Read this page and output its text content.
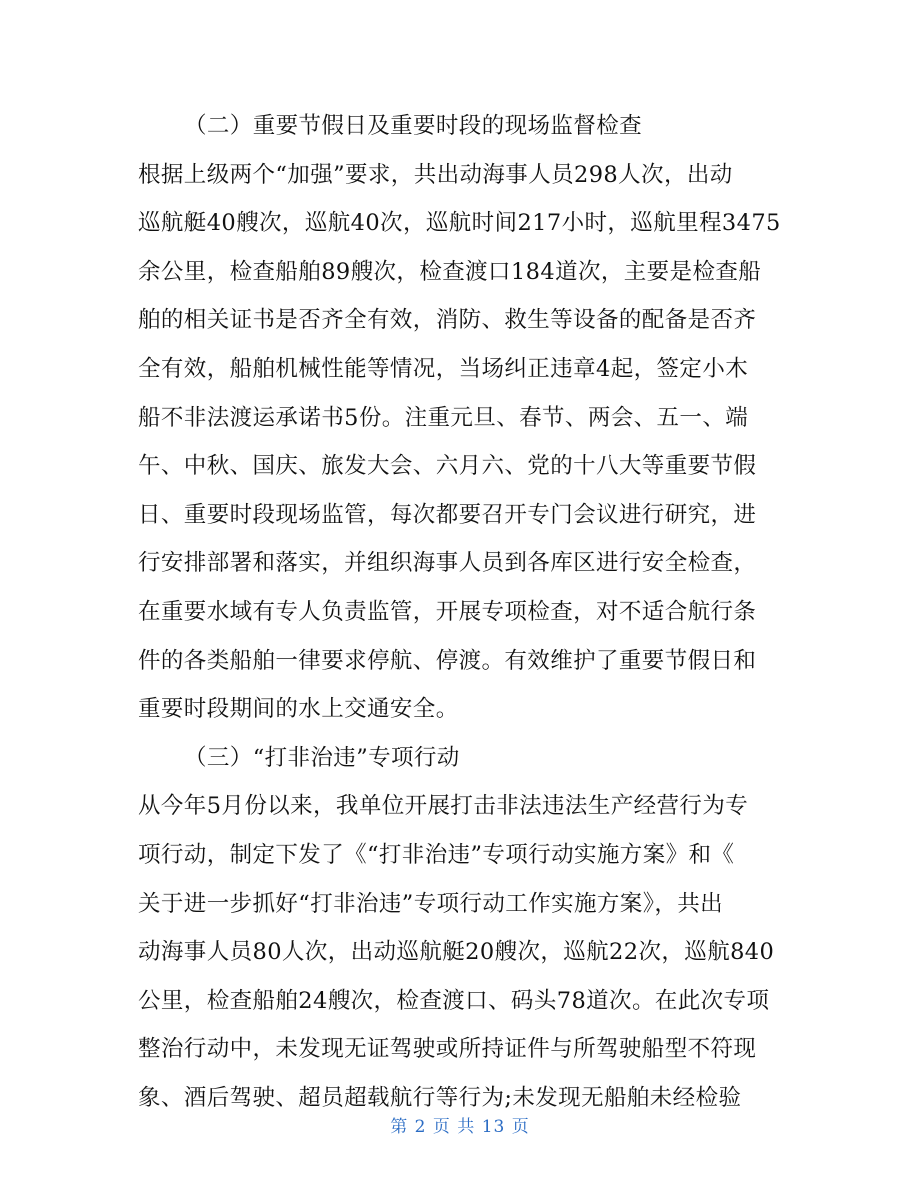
（二）重要节假日及重要时段的现场监督检查
根据上级两个“加强”要求，共出动海事人员298人次，出动
巡航艇40艘次，巡航40次，巡航时间217小时，巡航里程3475
余公里，检查船舶89艘次，检查渡口184道次，主要是检查船
舶的相关证书是否齐全有效，消防、救生等设备的配备是否齐
全有效，船舶机械性能等情况，当场纠正违章4起，签定小木
船不非法渡运承诺书5份。注重元旦、春节、两会、五一、端
午、中秋、国庆、旅发大会、六月六、党的十八大等重要节假
日、重要时段现场监管，每次都要召开专门会议进行研究，进
行安排部署和落实，并组织海事人员到各库区进行安全检查，
在重要水域有专人负责监管，开展专项检查，对不适合航行条
件的各类船舶一律要求停航、停渡。有效维护了重要节假日和
重要时段期间的水上交通安全。
（三）“打非治违”专项行动
从今年5月份以来，我单位开展打击非法违法生产经营行为专
项行动，制定下发了《“打非治违”专项行动实施方案》和《
关于进一步抓好“打非治违”专项行动工作实施方案》，共出
动海事人员80人次，出动巡航艇20艘次，巡航22次，巡航840
公里，检查船舶24艘次，检查渡口、码头78道次。在此次专项
整治行动中，未发现无证驾驶或所持证件与所驾驶船型不符现
象、酒后驾驶、超员超载航行等行为;未发现无船舶未经检验
第 2 页 共 13 页
